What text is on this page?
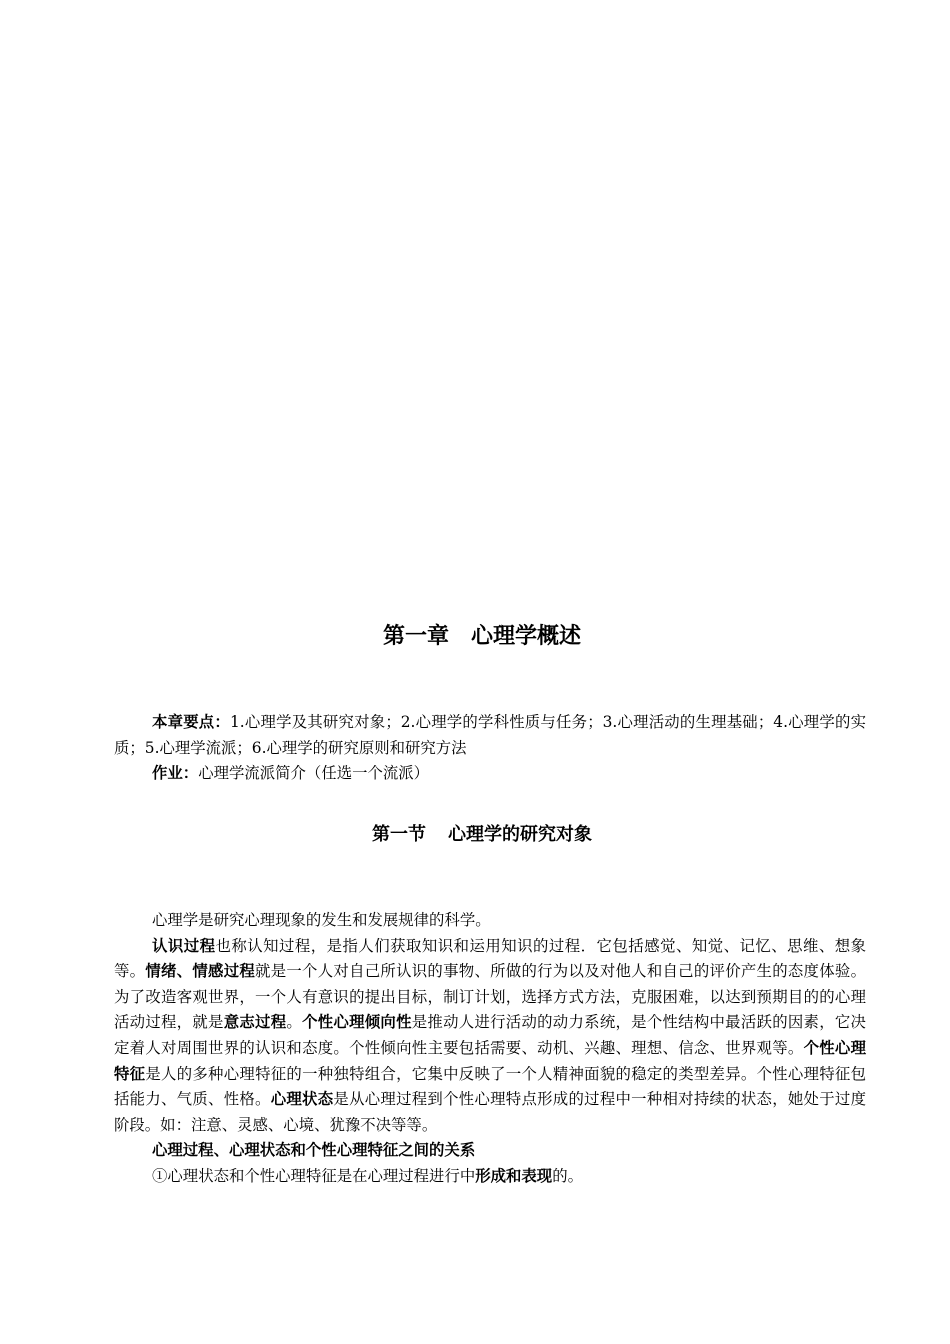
第一章 心理学概述

本章要点：1.心理学及其研究对象；2.心理学的学科性质与任务；3.心理活动的生理基础；4.心理学的实质；5.心理学流派；6.心理学的研究原则和研究方法

作业：心理学流派简介（任选一个流派）

第一节 心理学的研究对象

心理学是研究心理现象的发生和发展规律的科学。

认识过程也称认知过程，是指人们获取知识和运用知识的过程．它包括感觉、知觉、记忆、思维、想象等。情绪、情感过程就是一个人对自己所认识的事物、所做的行为以及对他人和自己的评价产生的态度体验。为了改造客观世界，一个人有意识的提出目标，制订计划，选择方式方法，克服困难，以达到预期目的的心理活动过程，就是意志过程。个性心理倾向性是推动人进行活动的动力系统，是个性结构中最活跃的因素，它决定着人对周围世界的认识和态度。个性倾向性主要包括需要、动机、兴趣、理想、信念、世界观等。个性心理特征是人的多种心理特征的一种独特组合，它集中反映了一个人精神面貌的稳定的类型差异。个性心理特征包括能力、气质、性格。心理状态是从心理过程到个性心理特点形成的过程中一种相对持续的状态，她处于过度阶段。如：注意、灵感、心境、犹豫不决等等。

心理过程、心理状态和个性心理特征之间的关系

①心理状态和个性心理特征是在心理过程进行中形成和表现的。
